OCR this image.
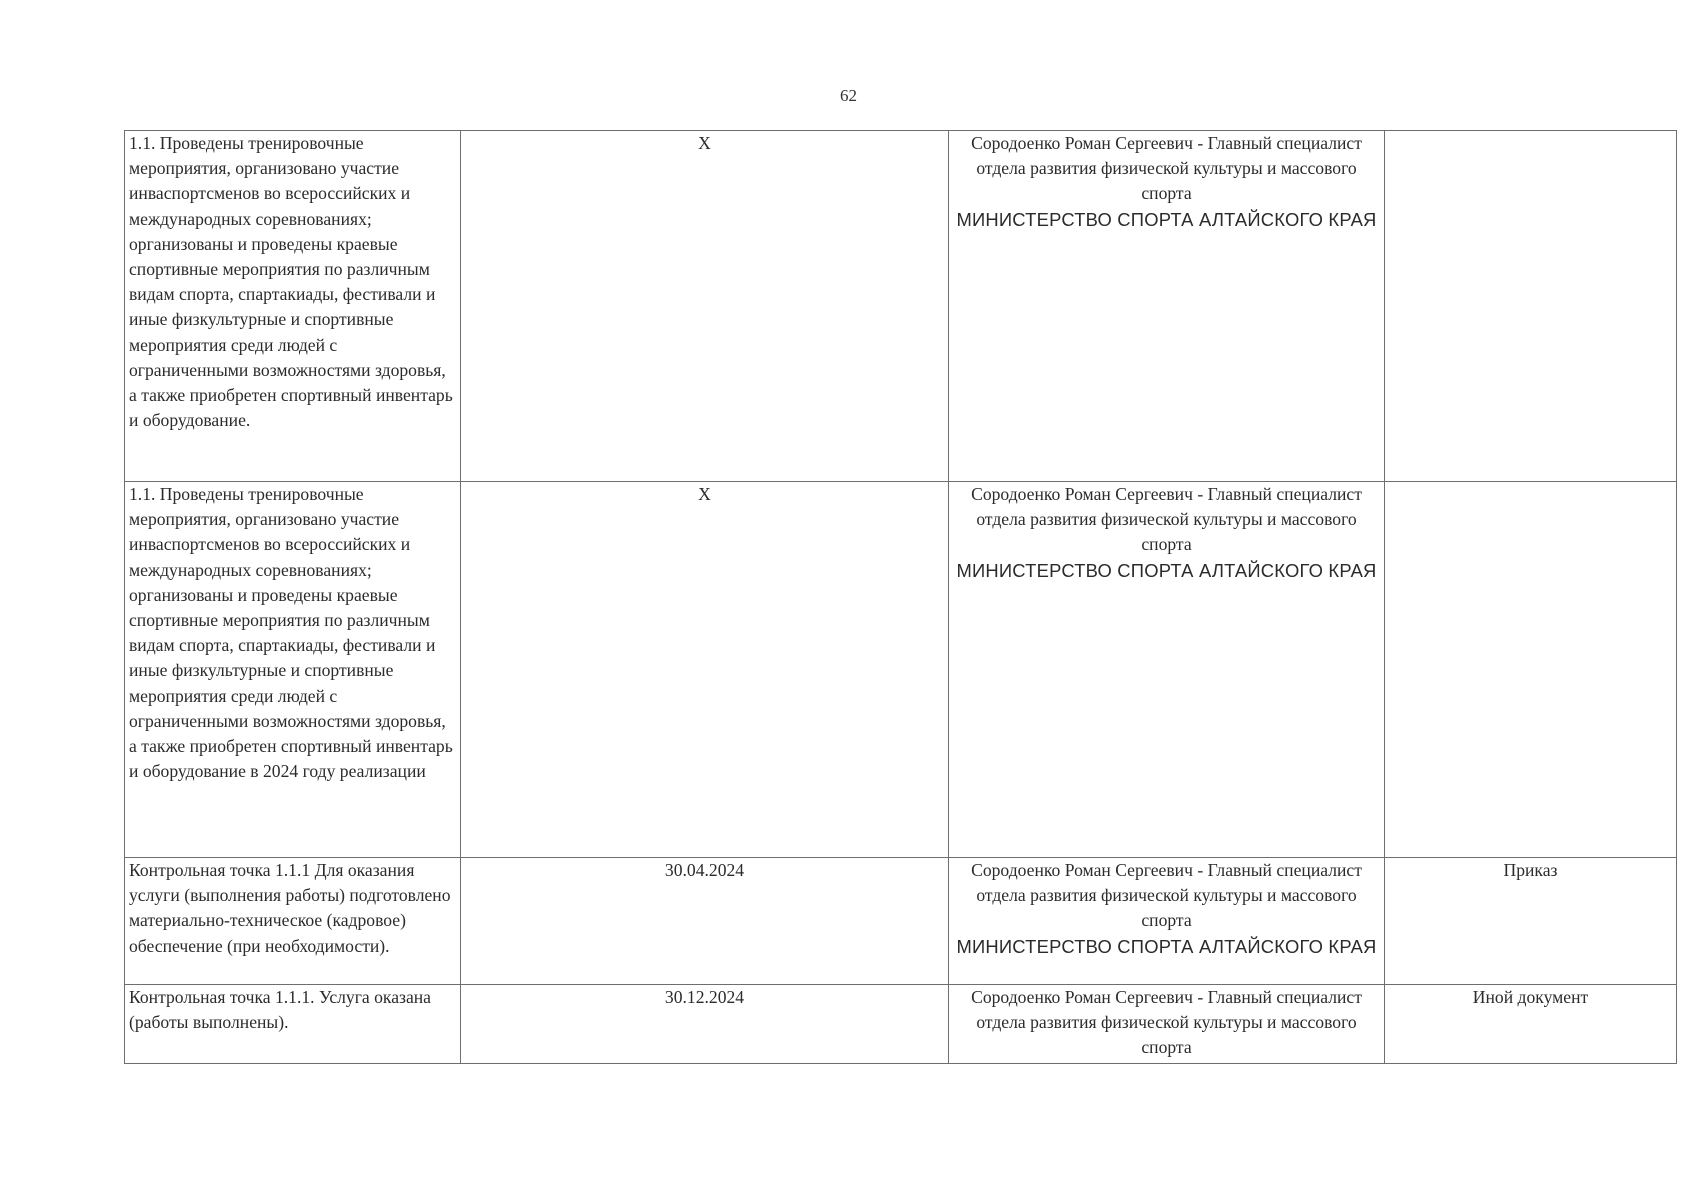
62
1.1. Проведены тренировочные мероприятия, организовано участие инваспортсменов во всероссийских и международных соревнованиях; организованы и проведены краевые спортивные мероприятия по различным видам спорта, спартакиады, фестивали и иные физкультурные и спортивные мероприятия среди людей с ограниченными возможностями здоровья, а также приобретен спортивный инвентарь и оборудование.	X	Сородоенко Роман Сергеевич - Главный специалист отдела развития физической культуры и массового спорта
МИНИСТЕРСТВО СПОРТА АЛТАЙСКОГО КРАЯ	

1.1. Проведены тренировочные мероприятия, организовано участие инваспортсменов во всероссийских и международных соревнованиях; организованы и проведены краевые спортивные мероприятия по различным видам спорта, спартакиады, фестивали и иные физкультурные и спортивные мероприятия среди людей с ограниченными возможностями здоровья, а также приобретен спортивный инвентарь и оборудование в 2024 году реализации	X	Сородоенко Роман Сергеевич - Главный специалист отдела развития физической культуры и массового спорта
МИНИСТЕРСТВО СПОРТА АЛТАЙСКОГО КРАЯ	

Контрольная точка 1.1.1 Для оказания услуги (выполнения работы) подготовлено материально-техническое (кадровое) обеспечение (при необходимости).	30.04.2024	Сородоенко Роман Сергеевич - Главный специалист отдела развития физической культуры и массового спорта
МИНИСТЕРСТВО СПОРТА АЛТАЙСКОГО КРАЯ	Приказ
Контрольная точка 1.1.1. Услуга оказана (работы выполнены).	30.12.2024	Сородоенко Роман Сергеевич - Главный специалист отдела развития физической культуры и массового спорта	Иной документ
